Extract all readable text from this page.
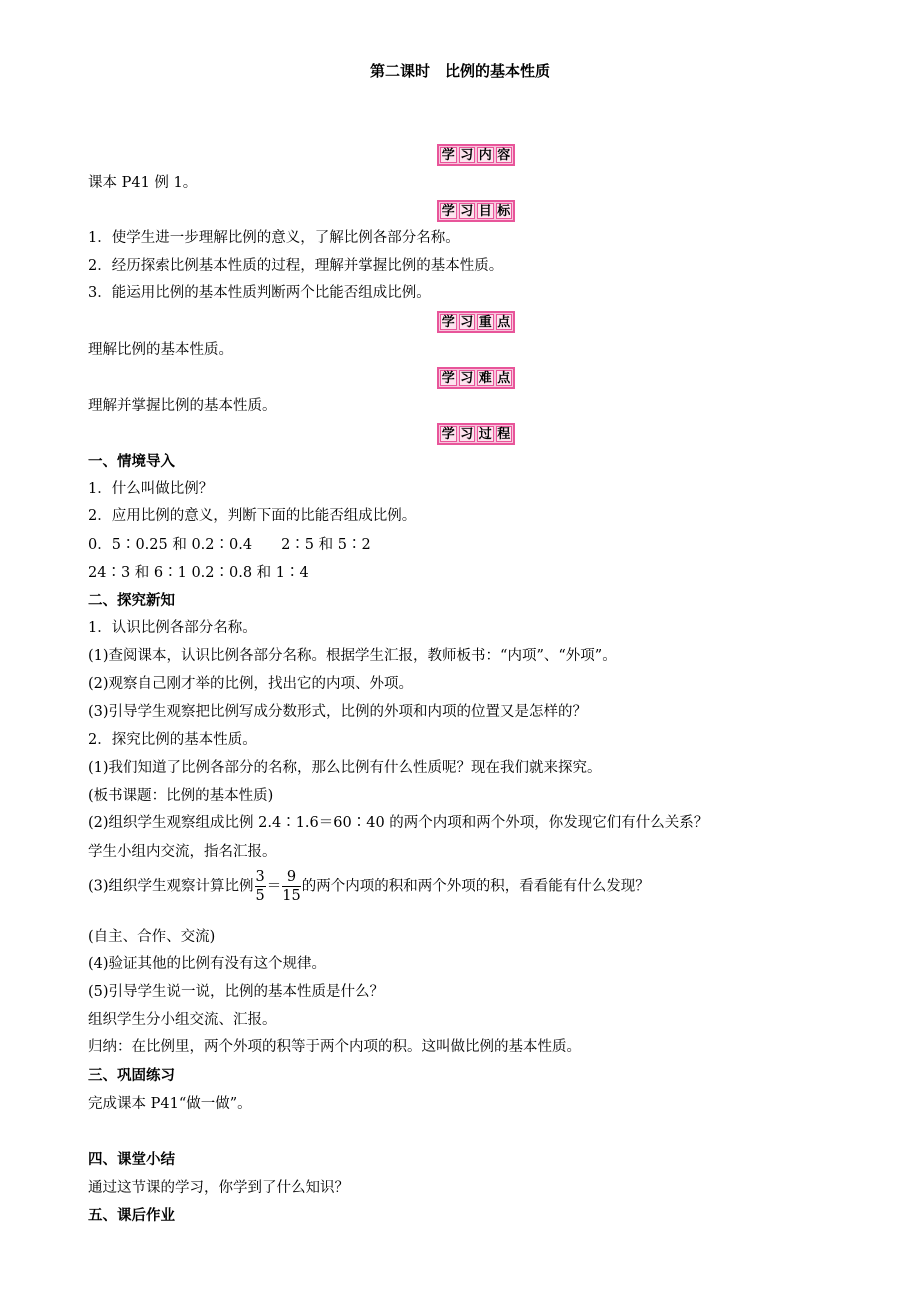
第二课时　比例的基本性质
学 习 内 容
课本 P41 例 1。
学 习 目 标
1．使学生进一步理解比例的意义，了解比例各部分名称。
2．经历探索比例基本性质的过程，理解并掌握比例的基本性质。
3．能运用比例的基本性质判断两个比能否组成比例。
学 习 重 点
理解比例的基本性质。
学 习 难 点
理解并掌握比例的基本性质。
学 习 过 程
一、情境导入
1．什么叫做比例？
2．应用比例的意义，判断下面的比能否组成比例。
0．5∶0.25 和 0.2∶0.4　　2∶5 和 5∶2
24∶3 和 6∶1 0.2∶0.8 和 1∶4
二、探究新知
1．认识比例各部分名称。
(1)查阅课本，认识比例各部分名称。根据学生汇报，教师板书：“内项”、“外项”。
(2)观察自己刚才举的比例，找出它的内项、外项。
(3)引导学生观察把比例写成分数形式，比例的外项和内项的位置又是怎样的？
2．探究比例的基本性质。
(1)我们知道了比例各部分的名称，那么比例有什么性质呢？现在我们就来探究。
(板书课题：比例的基本性质)
(2)组织学生观察组成比例 2.4∶1.6＝60∶40 的两个内项和两个外项，你发现它们有什么关系？
学生小组内交流，指名汇报。
(3)组织学生观察计算比例 $\frac{3}{5} = \frac{9}{15}$ 的两个内项的积和两个外项的积，看看能有什么发现？
(自主、合作、交流)
(4)验证其他的比例有没有这个规律。
(5)引导学生说一说，比例的基本性质是什么？
组织学生分小组交流、汇报。
归纳：在比例里，两个外项的积等于两个内项的积。这叫做比例的基本性质。
三、巩固练习
完成课本 P41“做一做”。
四、课堂小结
通过这节课的学习，你学到了什么知识？
五、课后作业
